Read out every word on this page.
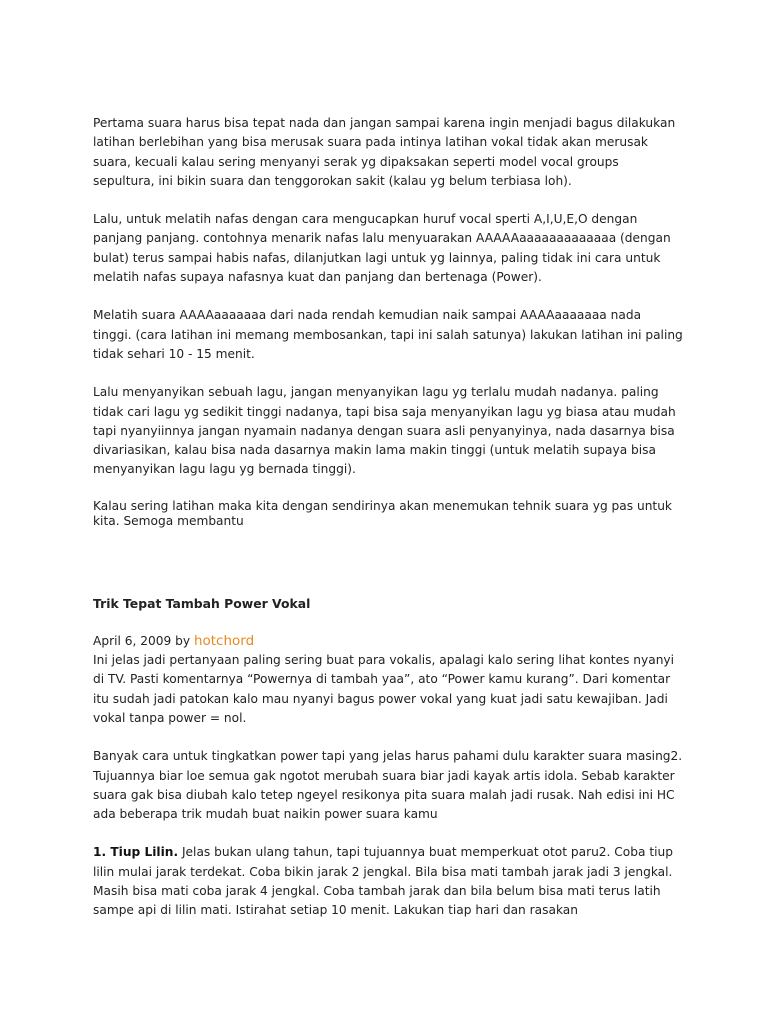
Pertama suara harus bisa tepat nada dan jangan sampai karena ingin menjadi bagus dilakukan latihan berlebihan yang bisa merusak suara pada intinya latihan vokal tidak akan merusak suara, kecuali kalau sering menyanyi serak yg dipaksakan seperti model vocal groups sepultura, ini bikin suara dan tenggorokan sakit (kalau yg belum terbiasa loh).

Lalu, untuk melatih nafas dengan cara mengucapkan huruf vocal sperti A,I,U,E,O dengan panjang panjang. contohnya menarik nafas lalu menyuarakan AAAAAaaaaaaaaaaaaa (dengan bulat) terus sampai habis nafas, dilanjutkan lagi untuk yg lainnya, paling tidak ini cara untuk melatih nafas supaya nafasnya kuat dan panjang dan bertenaga (Power).

Melatih suara AAAAaaaaaaa dari nada rendah kemudian naik sampai AAAAaaaaaaa nada tinggi. (cara latihan ini memang membosankan, tapi ini salah satunya) lakukan latihan ini paling tidak sehari 10 - 15 menit.

Lalu menyanyikan sebuah lagu, jangan menyanyikan lagu yg terlalu mudah nadanya. paling tidak cari lagu yg sedikit tinggi nadanya, tapi bisa saja menyanyikan lagu yg biasa atau mudah tapi nyanyiinnya jangan nyamain nadanya dengan suara asli penyanyinya, nada dasarnya bisa divariasikan, kalau bisa nada dasarnya makin lama makin tinggi (untuk melatih supaya bisa menyanyikan lagu lagu yg bernada tinggi).

Kalau sering latihan maka kita dengan sendirinya akan menemukan tehnik suara yg pas untuk kita. Semoga membantu

Trik Tepat Tambah Power Vokal

April 6, 2009 by hotchord
Ini jelas jadi pertanyaan paling sering buat para vokalis, apalagi kalo sering lihat kontes nyanyi di TV. Pasti komentarnya “Powernya di tambah yaa”, ato “Power kamu kurang”. Dari komentar itu sudah jadi patokan kalo mau nyanyi bagus power vokal yang kuat jadi satu kewajiban. Jadi vokal tanpa power = nol.

Banyak cara untuk tingkatkan power tapi yang jelas harus pahami dulu karakter suara masing2. Tujuannya biar loe semua gak ngotot merubah suara biar jadi kayak artis idola. Sebab karakter suara gak bisa diubah kalo tetep ngeyel resikonya pita suara malah jadi rusak. Nah edisi ini HC ada beberapa trik mudah buat naikin power suara kamu

1. Tiup Lilin. Jelas bukan ulang tahun, tapi tujuannya buat memperkuat otot paru2. Coba tiup lilin mulai jarak terdekat. Coba bikin jarak 2 jengkal. Bila bisa mati tambah jarak jadi 3 jengkal. Masih bisa mati coba jarak 4 jengkal. Coba tambah jarak dan bila belum bisa mati terus latih sampe api di lilin mati. Istirahat setiap 10 menit. Lakukan tiap hari dan rasakan
